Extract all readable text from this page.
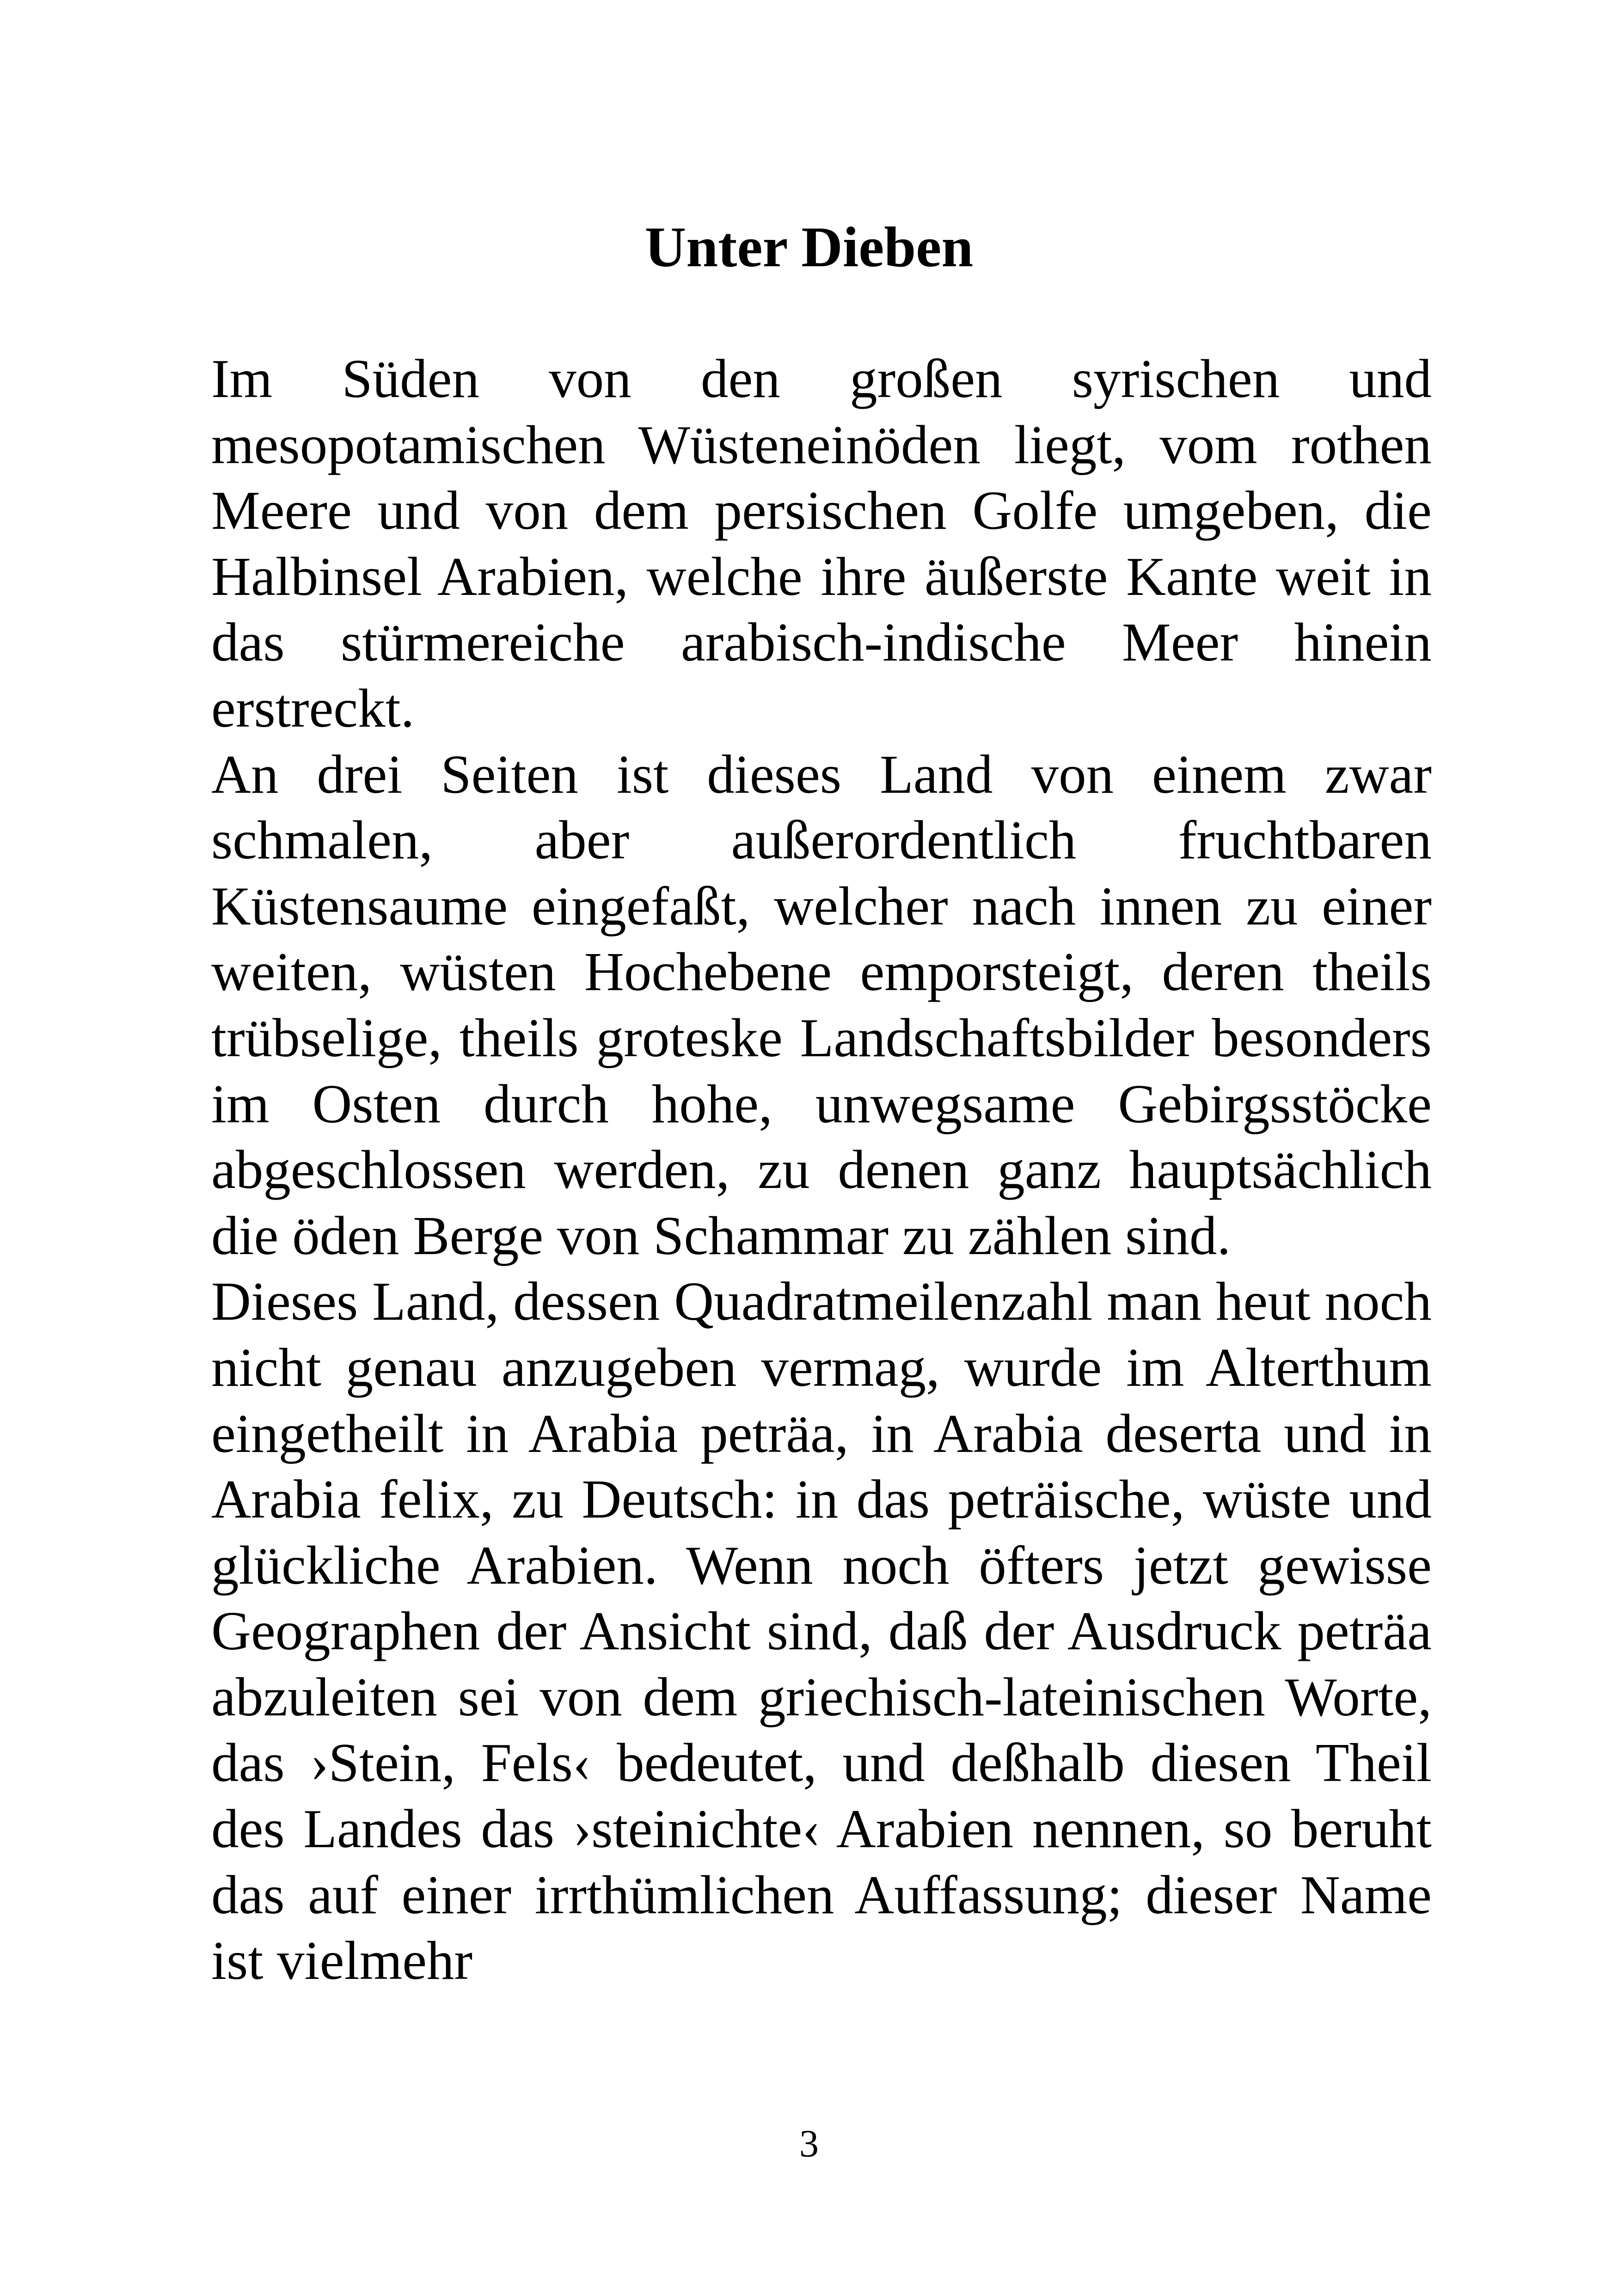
Unter Dieben

Im Süden von den großen syrischen und mesopotamischen Wüsteneinöden liegt, vom rothen Meere und von dem persischen Golfe umgeben, die Halbinsel Arabien, welche ihre äußerste Kante weit in das stürmereiche arabisch-indische Meer hinein erstreckt.

An drei Seiten ist dieses Land von einem zwar schmalen, aber außerordentlich fruchtbaren Küstensaume eingefaßt, welcher nach innen zu einer weiten, wüsten Hochebene emporsteigt, deren theils trübselige, theils groteske Landschaftsbilder besonders im Osten durch hohe, unwegsame Gebirgsstöcke abgeschlossen werden, zu denen ganz hauptsächlich die öden Berge von Schammar zu zählen sind.

Dieses Land, dessen Quadratmeilenzahl man heut noch nicht genau anzugeben vermag, wurde im Alterthum eingetheilt in Arabia peträa, in Arabia deserta und in Arabia felix, zu Deutsch: in das peträische, wüste und glückliche Arabien. Wenn noch öfters jetzt gewisse Geographen der Ansicht sind, daß der Ausdruck peträa abzuleiten sei von dem griechisch-lateinischen Worte, das ›Stein, Fels‹ bedeutet, und deßhalb diesen Theil des Landes das ›steinichte‹ Arabien nennen, so beruht das auf einer irrthümlichen Auffassung; dieser Name ist vielmehr

3
